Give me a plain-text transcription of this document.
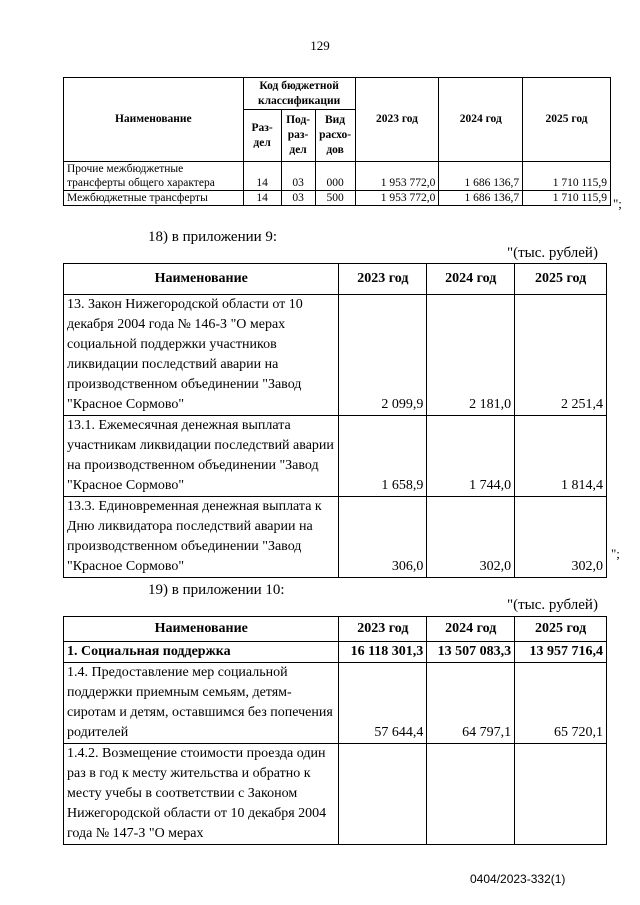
129
Наименование	Код бюджетной классификации			2023 год	2024 год	2025 год
	Раз-дел	Под-раз-дел	Вид расхо-дов			
Прочие межбюджетные трансферты общего характера	14	03	000	1 953 772,0	1 686 136,7	1 710 115,9
Межбюджетные трансферты	14	03	500	1 953 772,0	1 686 136,7	1 710 115,9 ";
18) в приложении 9:
"(тыс. рублей)
Наименование	2023 год	2024 год	2025 год
13. Закон Нижегородской области от 10 декабря 2004 года № 146-З "О мерах социальной поддержки участников ликвидации последствий аварии на производственном объединении "Завод "Красное Сормово"	2 099,9	2 181,0	2 251,4
13.1. Ежемесячная денежная выплата участникам ликвидации последствий аварии на производственном объединении "Завод "Красное Сормово"	1 658,9	1 744,0	1 814,4
13.3. Единовременная денежная выплата к Дню ликвидатора последствий аварии на производственном объединении "Завод "Красное Сормово"	306,0	302,0	302,0
";
19) в приложении 10:
"(тыс. рублей)
Наименование	2023 год	2024 год	2025 год
1. Социальная поддержка	16 118 301,3	13 507 083,3	13 957 716,4
1.4. Предоставление мер социальной поддержки приемным семьям, детям-сиротам и детям, оставшимся без попечения родителей	57 644,4	64 797,1	65 720,1
1.4.2. Возмещение стоимости проезда один раз в год к месту жительства и обратно к месту учебы в соответствии с Законом Нижегородской области от 10 декабря 2004 года № 147-З "О мерах			
0404/2023-332(1)
